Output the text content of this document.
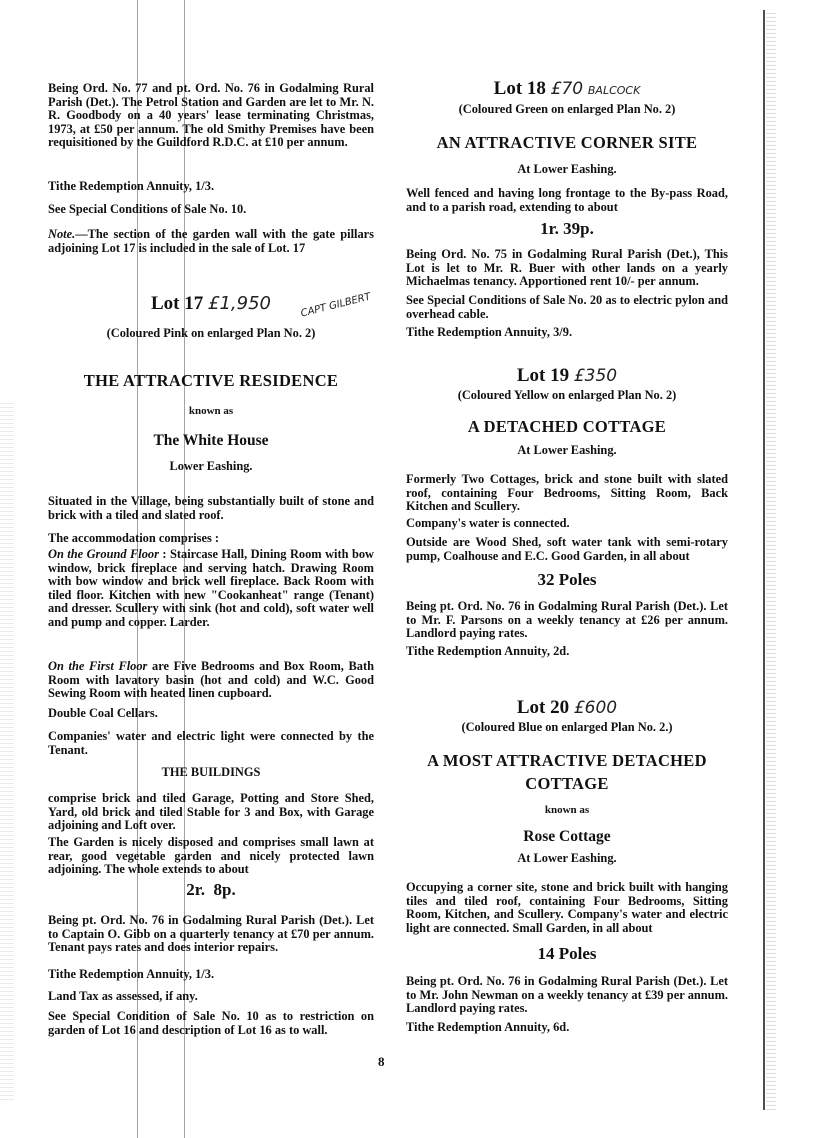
Being Ord. No. 77 and pt. Ord. No. 76 in Godalming Rural Parish (Det.). The Petrol Station and Garden are let to Mr. N. R. Goodbody on a 40 years' lease terminating Christmas, 1973, at £50 per annum. The old Smithy Premises have been requisitioned by the Guildford R.D.C. at £10 per annum.
Tithe Redemption Annuity, 1/3.
See Special Conditions of Sale No. 10.
Note.—The section of the garden wall with the gate pillars adjoining Lot 17 is included in the sale of Lot. 17
Lot 17 £1,950	CAPT GILBERT
(Coloured Pink on enlarged Plan No. 2)
THE ATTRACTIVE RESIDENCE
known as
The White House
Lower Eashing.
Situated in the Village, being substantially built of stone and brick with a tiled and slated roof.
The accommodation comprises :
On the Ground Floor : Staircase Hall, Dining Room with bow window, brick fireplace and serving hatch. Drawing Room with bow window and brick well fireplace. Back Room with tiled floor. Kitchen with new "Cookanheat" range (Tenant) and dresser. Scullery with sink (hot and cold), soft water well and pump and copper. Larder.
On the First Floor are Five Bedrooms and Box Room, Bath Room with lavatory basin (hot and cold) and W.C. Good Sewing Room with heated linen cupboard.
Double Coal Cellars.
Companies' water and electric light were connected by the Tenant.
THE BUILDINGS
comprise brick and tiled Garage, Potting and Store Shed, Yard, old brick and tiled Stable for 3 and Box, with Garage adjoining and Loft over.
The Garden is nicely disposed and comprises small lawn at rear, good vegetable garden and nicely protected lawn adjoining. The whole extends to about
2r.  8p.
Being pt. Ord. No. 76 in Godalming Rural Parish (Det.). Let to Captain O. Gibb on a quarterly tenancy at £70 per annum. Tenant pays rates and does interior repairs.
Tithe Redemption Annuity, 1/3.
Land Tax as assessed, if any.
See Special Condition of Sale No. 10 as to restriction on garden of Lot 16 and description of Lot 16 as to wall.
8
Lot 18 £70 BALCOCK
(Coloured Green on enlarged Plan No. 2)
AN ATTRACTIVE CORNER SITE
At Lower Eashing.
Well fenced and having long frontage to the By-pass Road, and to a parish road, extending to about
1r. 39p.
Being Ord. No. 75 in Godalming Rural Parish (Det.), This Lot is let to Mr. R. Buer with other lands on a yearly Michaelmas tenancy. Apportioned rent 10/- per annum.
See Special Conditions of Sale No. 20 as to electric pylon and overhead cable.
Tithe Redemption Annuity, 3/9.
Lot 19 £350
(Coloured Yellow on enlarged Plan No. 2)
A DETACHED COTTAGE
At Lower Eashing.
Formerly Two Cottages, brick and stone built with slated roof, containing Four Bedrooms, Sitting Room, Back Kitchen and Scullery.
Company's water is connected.
Outside are Wood Shed, soft water tank with semi-rotary pump, Coalhouse and E.C. Good Garden, in all about
32 Poles
Being pt. Ord. No. 76 in Godalming Rural Parish (Det.). Let to Mr. F. Parsons on a weekly tenancy at £26 per annum. Landlord paying rates.
Tithe Redemption Annuity, 2d.
Lot 20 £600
(Coloured Blue on enlarged Plan No. 2.)
A MOST ATTRACTIVE DETACHED
COTTAGE
known as
Rose Cottage
At Lower Eashing.
Occupying a corner site, stone and brick built with hanging tiles and tiled roof, containing Four Bedrooms, Sitting Room, Kitchen, and Scullery. Company's water and electric light are connected. Small Garden, in all about
14 Poles
Being pt. Ord. No. 76 in Godalming Rural Parish (Det.). Let to Mr. John Newman on a weekly tenancy at £39 per annum. Landlord paying rates.
Tithe Redemption Annuity, 6d.
